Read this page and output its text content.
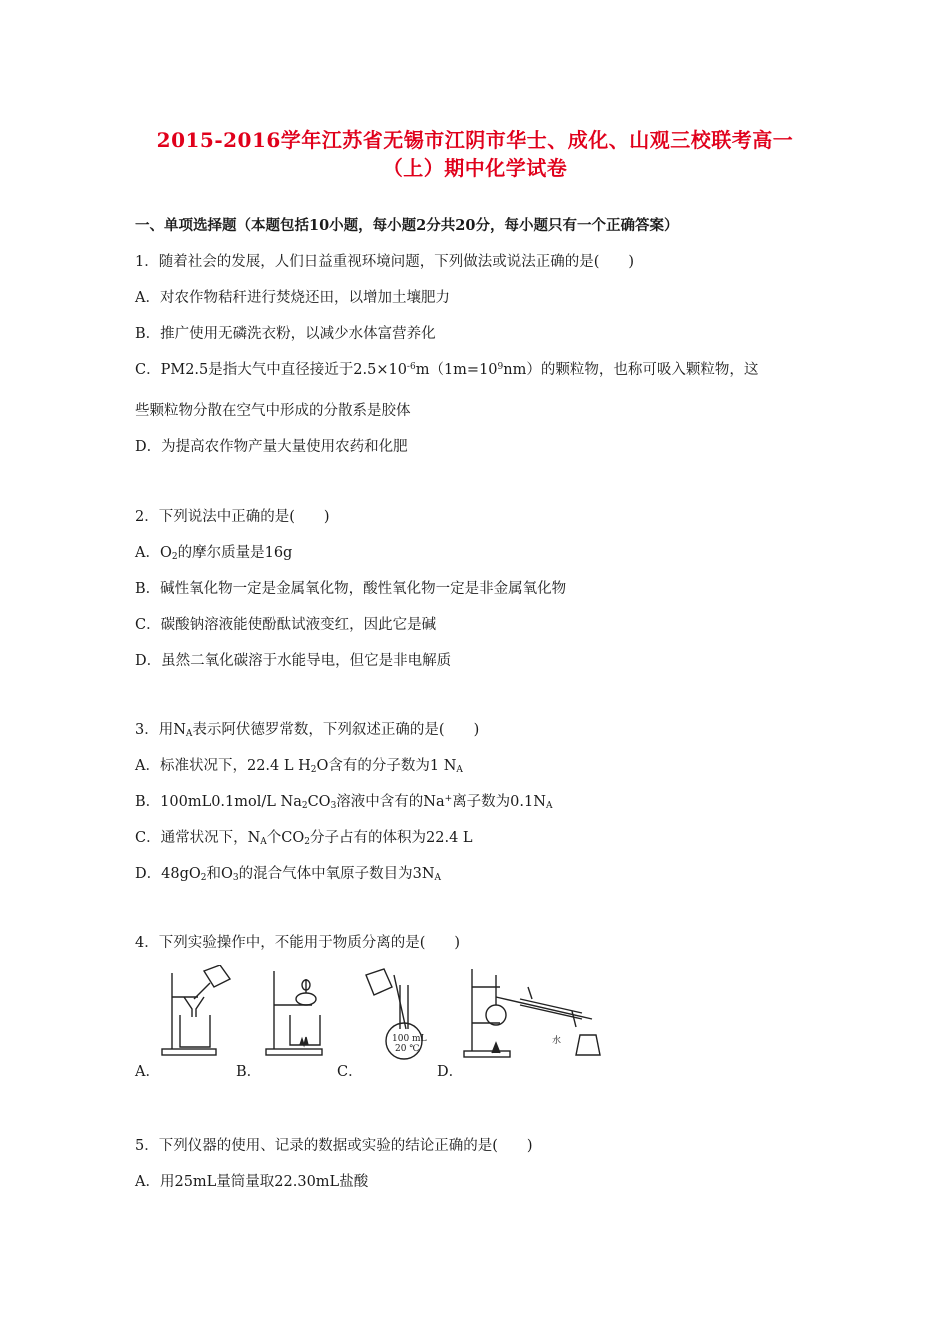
2015-2016学年江苏省无锡市江阴市华士、成化、山观三校联考高一
（上）期中化学试卷
一、单项选择题（本题包括10小题，每小题2分共20分，每小题只有一个正确答案）
1．随着社会的发展，人们日益重视环境问题，下列做法或说法正确的是(　　)
A．对农作物秸秆进行焚烧还田，以增加土壤肥力
B．推广使用无磷洗衣粉，以减少水体富营养化
C．PM2.5是指大气中直径接近于$2.5\times 10^{-6}m(1m=10^9nm)$的颗粒物，也称可吸入颗粒物，这
些颗粒物分散在空气中形成的分散系是胶体
D．为提高农作物产量大量使用农药和化肥
2．下列说法中正确的是(　　)
A．$O_2$的摩尔质量是16g
B．碱性氧化物一定是金属氧化物，酸性氧化物一定是非金属氧化物
C．碳酸钠溶液能使酚酞试液变红，因此它是碱
D．虽然二氧化碳溶于水能导电，但它是非电解质
3．用$N_A$表示阿伏德罗常数，下列叙述正确的是(　　)
A．标准状况下，22.4 L $H_2O$含有的分子数为1 $N_A$
B．100mL0.1mol/L $Na_2CO_3$溶液中含有的Na+离子数为$0.1N_A$
C．通常状况下，$N_A$个$CO_2$分子占有的体积为22.4 L
D．$48gO_2$和$O_3$的混合气体中氧原子数目为$3N_A$
4．下列实验操作中，不能用于物质分离的是(　　)
100 mL
20 ℃
水
A．	B．	C．	D．
5．下列仪器的使用、记录的数据或实验的结论正确的是(　　)
A．用25mL量筒量取22.30mL盐酸
